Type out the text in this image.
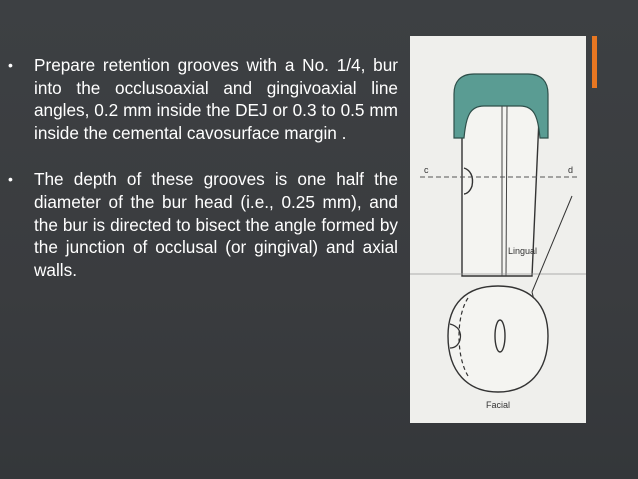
•	Prepare retention grooves with a No. 1/4, bur into the occlusoaxial and gingivoaxial line angles, 0.2 mm inside the DEJ or 0.3 to 0.5 mm inside the cemental cavosurface margin .

•	The depth of these grooves is one half the diameter of the bur head (i.e., 0.25 mm), and the bur is directed to bisect the angle formed by the junction of occlusal (or gingival) and axial walls.

c	d
Lingual
Facial
